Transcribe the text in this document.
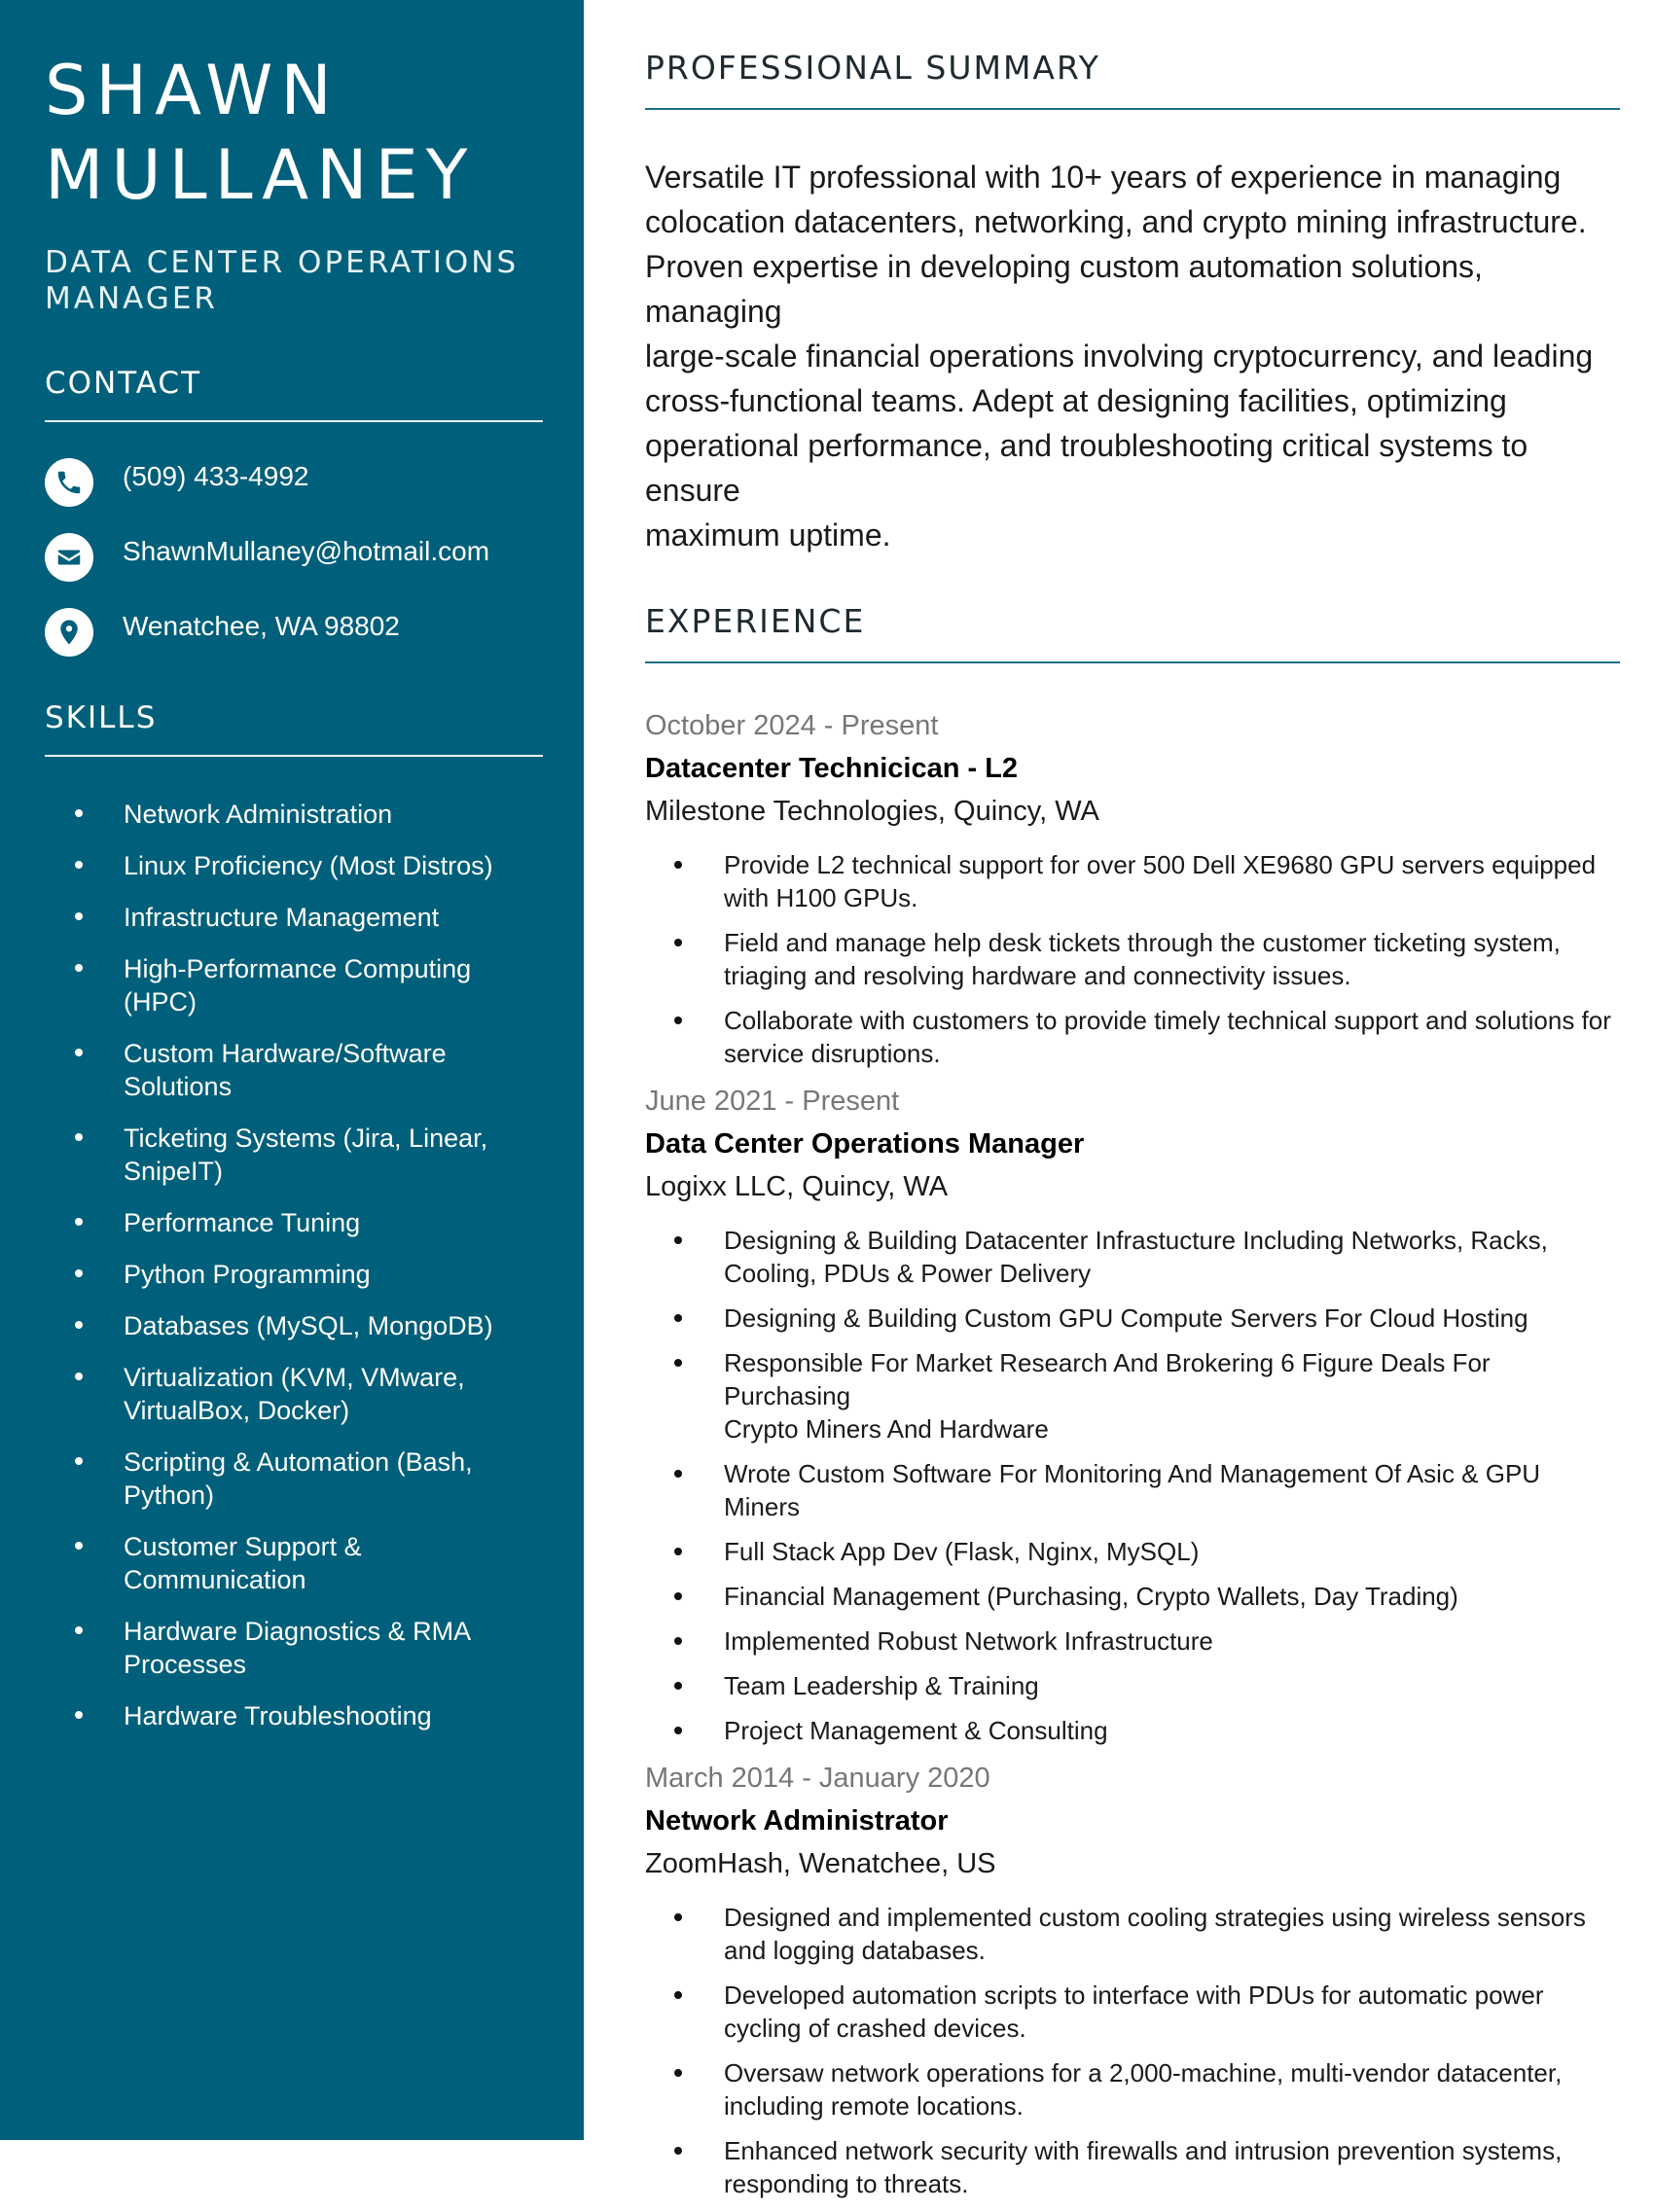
SHAWN
MULLANEY
DATA CENTER OPERATIONS
MANAGER
CONTACT
(509) 433-4992
ShawnMullaney@hotmail.com
Wenatchee, WA 98802
SKILLS
Network Administration
Linux Proficiency (Most Distros)
Infrastructure Management
High-Performance Computing (HPC)
Custom Hardware/Software
Solutions
Ticketing Systems (Jira, Linear,
SnipeIT)
Performance Tuning
Python Programming
Databases (MySQL, MongoDB)
Virtualization (KVM, VMware,
VirtualBox, Docker)
Scripting & Automation (Bash,
Python)
Customer Support & Communication
Hardware Diagnostics & RMA
Processes
Hardware Troubleshooting
PROFESSIONAL SUMMARY
Versatile IT professional with 10+ years of experience in managing
colocation datacenters, networking, and crypto mining infrastructure.
Proven expertise in developing custom automation solutions, managing
large-scale financial operations involving cryptocurrency, and leading
cross-functional teams. Adept at designing facilities, optimizing
operational performance, and troubleshooting critical systems to ensure
maximum uptime.
EXPERIENCE
October 2024 - Present
Datacenter Technicican - L2
Milestone Technologies, Quincy, WA
Provide L2 technical support for over 500 Dell XE9680 GPU servers equipped
with H100 GPUs.
Field and manage help desk tickets through the customer ticketing system,
triaging and resolving hardware and connectivity issues.
Collaborate with customers to provide timely technical support and solutions for
service disruptions.
June 2021 - Present
Data Center Operations Manager
Logixx LLC, Quincy, WA
Designing & Building Datacenter Infrastucture Including Networks, Racks,
Cooling, PDUs & Power Delivery
Designing & Building Custom GPU Compute Servers For Cloud Hosting
Responsible For Market Research And Brokering 6 Figure Deals For Purchasing
Crypto Miners And Hardware
Wrote Custom Software For Monitoring And Management Of Asic & GPU Miners
Full Stack App Dev (Flask, Nginx, MySQL)
Financial Management (Purchasing, Crypto Wallets, Day Trading)
Implemented Robust Network Infrastructure
Team Leadership & Training
Project Management & Consulting
March 2014 - January 2020
Network Administrator
ZoomHash, Wenatchee, US
Designed and implemented custom cooling strategies using wireless sensors
and logging databases.
Developed automation scripts to interface with PDUs for automatic power
cycling of crashed devices.
Oversaw network operations for a 2,000-machine, multi-vendor datacenter,
including remote locations.
Enhanced network security with firewalls and intrusion prevention systems,
responding to threats.
